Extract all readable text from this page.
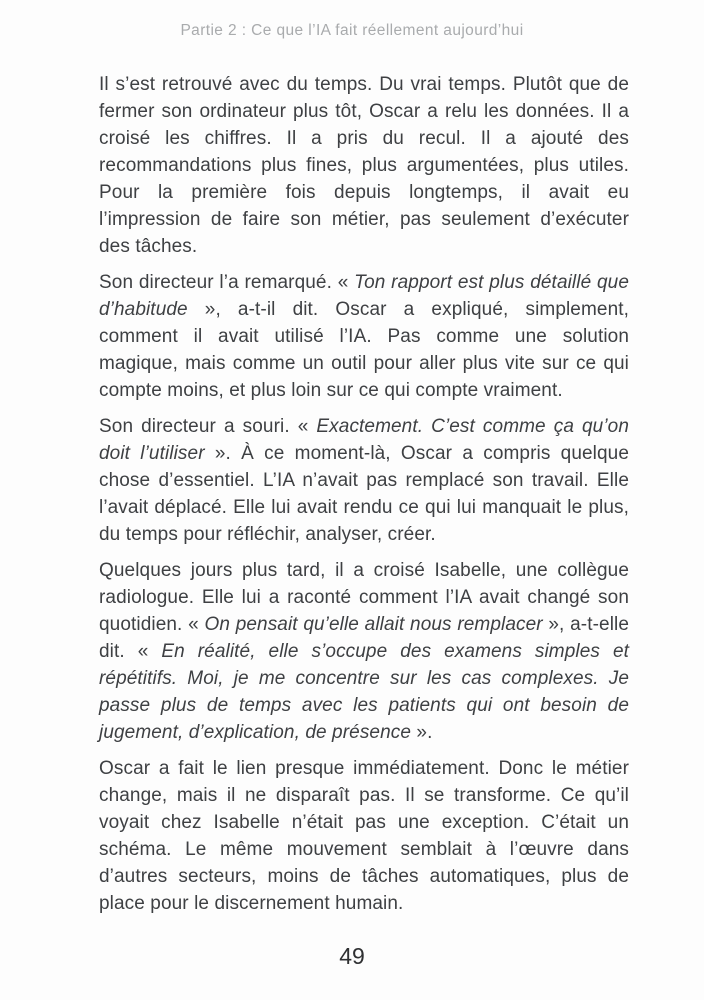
Partie 2 : Ce que l’IA fait réellement aujourd’hui

Il s’est retrouvé avec du temps. Du vrai temps. Plutôt que de fermer son ordinateur plus tôt, Oscar a relu les données. Il a croisé les chiffres. Il a pris du recul. Il a ajouté des recommandations plus fines, plus argumentées, plus utiles. Pour la première fois depuis longtemps, il avait eu l’impression de faire son métier, pas seulement d’exécuter des tâches.

Son directeur l’a remarqué. « Ton rapport est plus détaillé que d’habitude », a-t-il dit. Oscar a expliqué, simplement, comment il avait utilisé l’IA. Pas comme une solution magique, mais comme un outil pour aller plus vite sur ce qui compte moins, et plus loin sur ce qui compte vraiment.

Son directeur a souri. « Exactement. C’est comme ça qu’on doit l’utiliser ». À ce moment-là, Oscar a compris quelque chose d’essentiel. L’IA n’avait pas remplacé son travail. Elle l’avait déplacé. Elle lui avait rendu ce qui lui manquait le plus, du temps pour réfléchir, analyser, créer.

Quelques jours plus tard, il a croisé Isabelle, une collègue radiologue. Elle lui a raconté comment l’IA avait changé son quotidien. « On pensait qu’elle allait nous remplacer », a-t-elle dit. « En réalité, elle s’occupe des examens simples et répétitifs. Moi, je me concentre sur les cas complexes. Je passe plus de temps avec les patients qui ont besoin de jugement, d’explication, de présence ».

Oscar a fait le lien presque immédiatement. Donc le métier change, mais il ne disparaît pas. Il se transforme. Ce qu’il voyait chez Isabelle n’était pas une exception. C’était un schéma. Le même mouvement semblait à l’œuvre dans d’autres secteurs, moins de tâches automatiques, plus de place pour le discernement humain.

49
